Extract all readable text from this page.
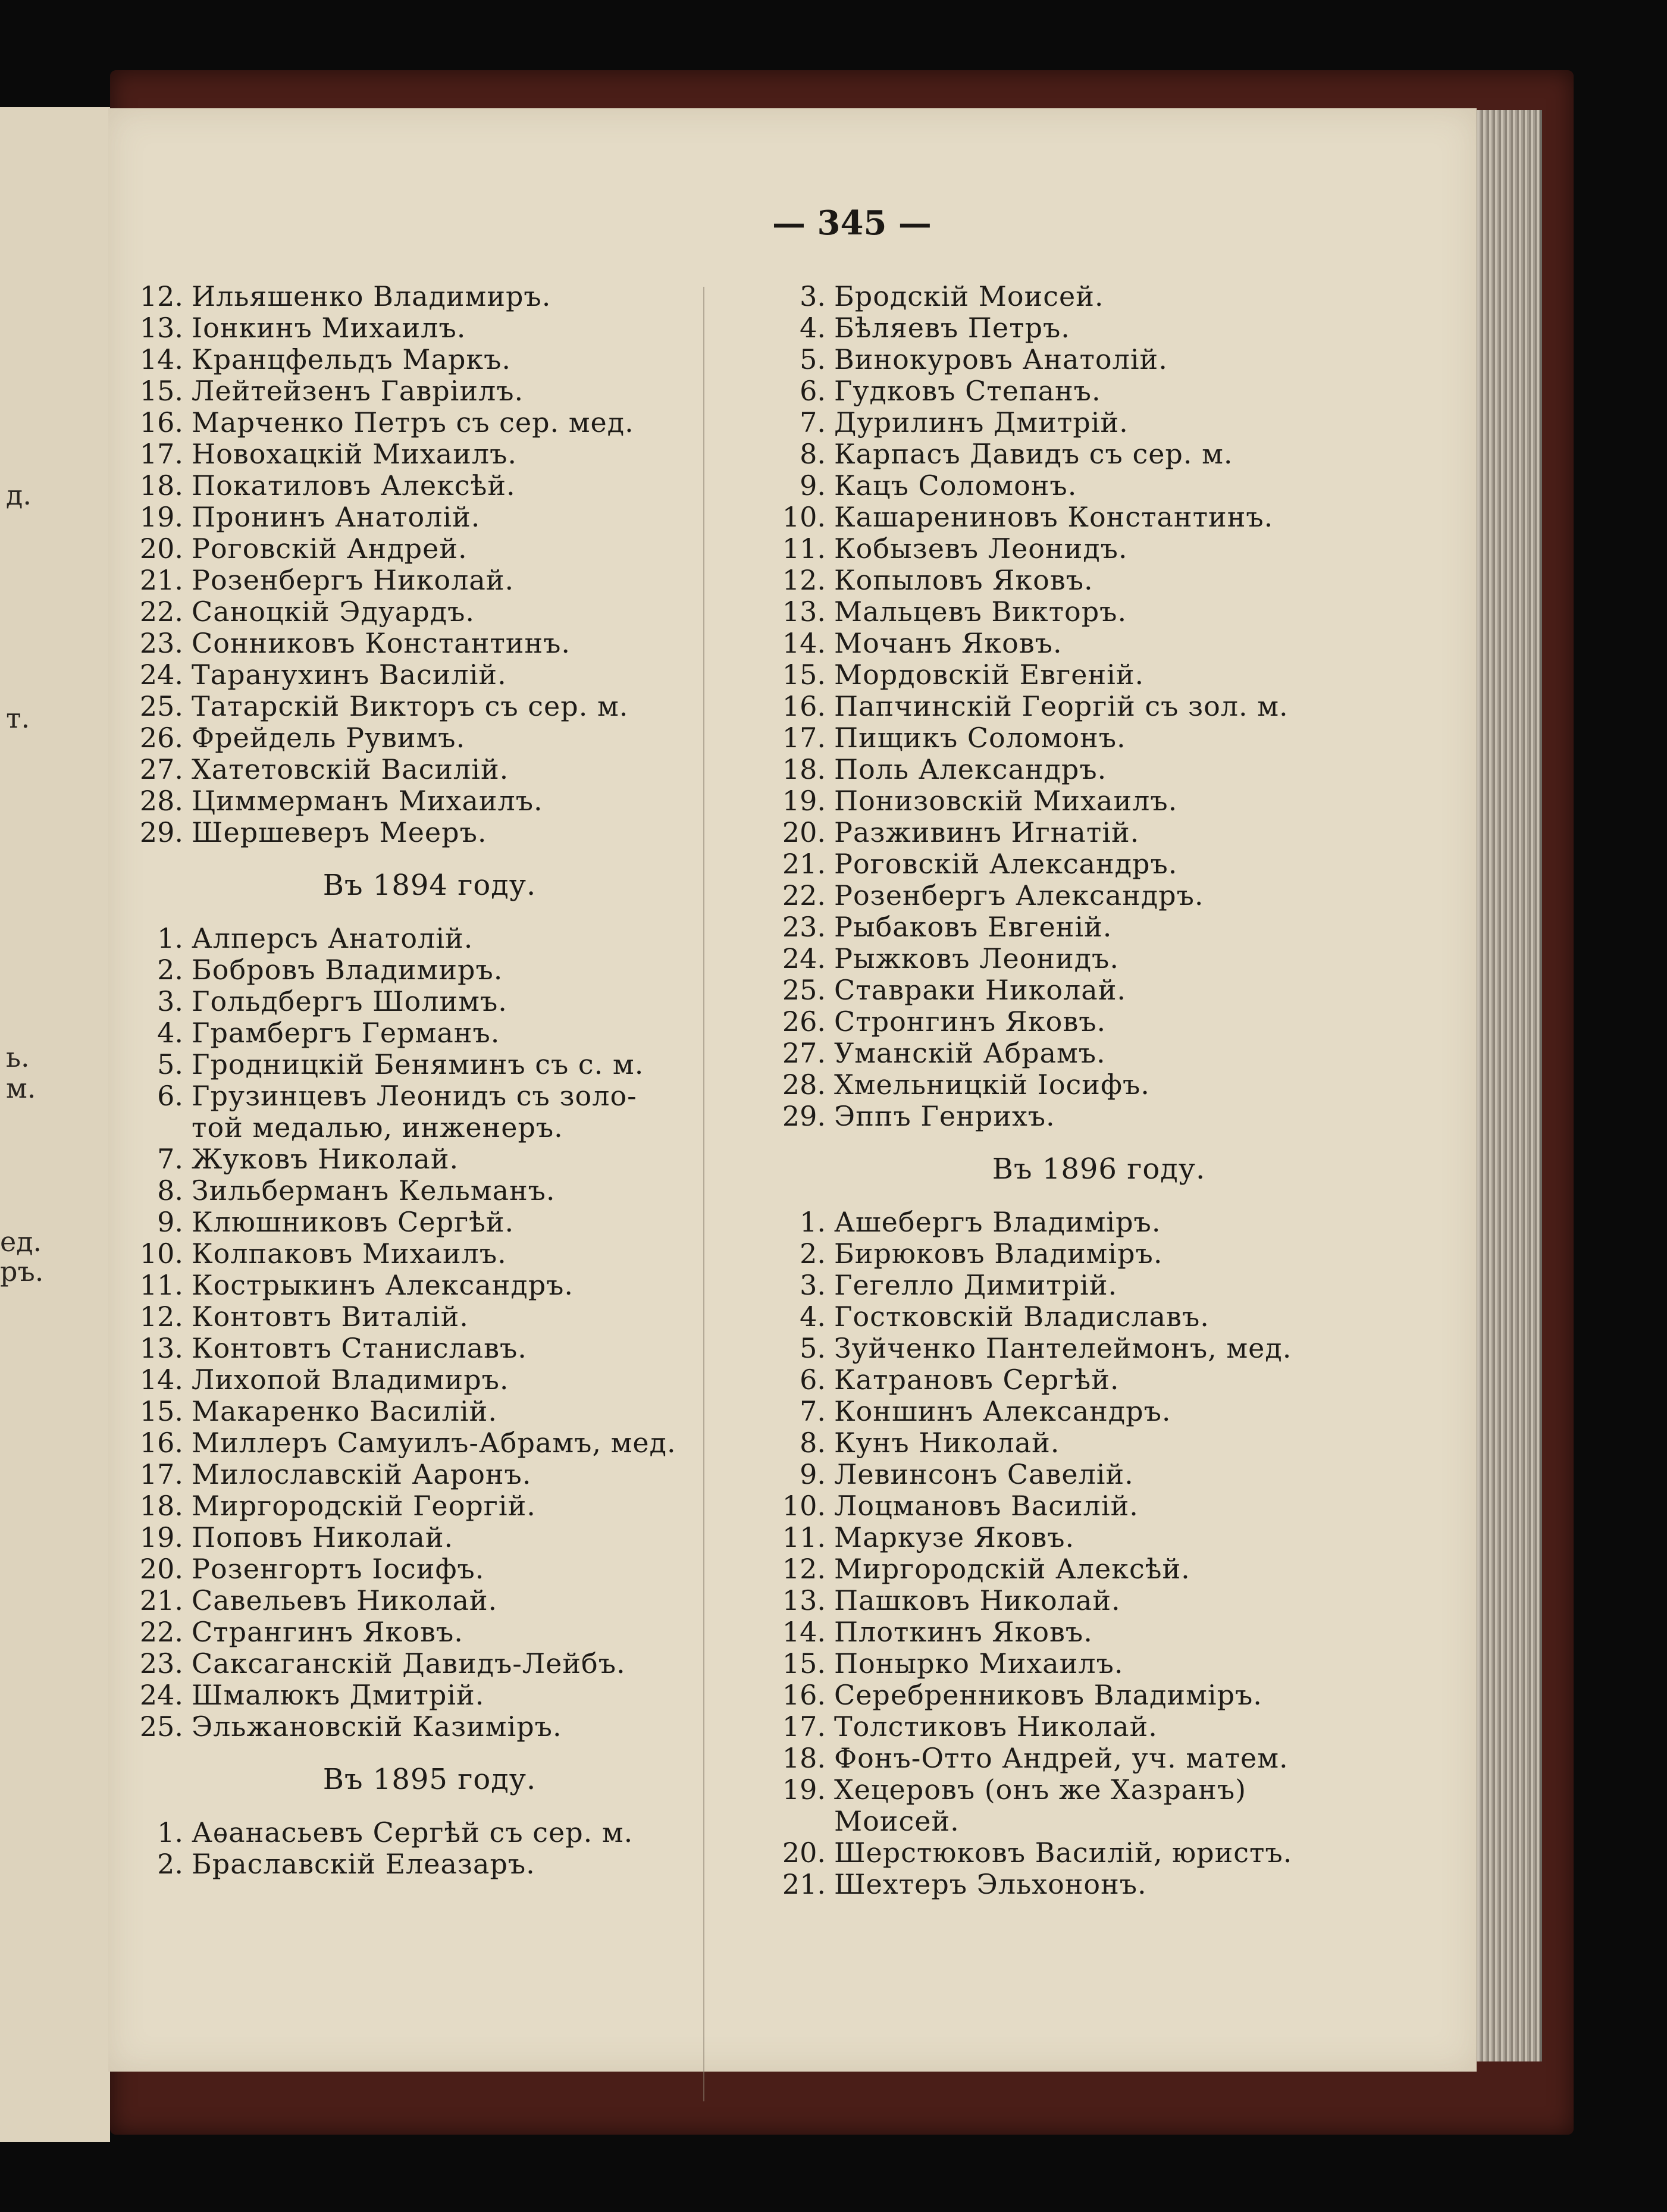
д.
т.
ь.
м.
ед.
ръ.
— 345 —
12. Ильяшенко Владимиръ.
13. Іонкинъ Михаилъ.
14. Кранцфельдъ Маркъ.
15. Лейтейзенъ Гавріилъ.
16. Марченко Петръ съ сер. мед.
17. Новохацкій Михаилъ.
18. Покатиловъ Алексѣй.
19. Пронинъ Анатолій.
20. Роговскій Андрей.
21. Розенбергъ Николай.
22. Саноцкій Эдуардъ.
23. Сонниковъ Константинъ.
24. Таранухинъ Василій.
25. Татарскій Викторъ съ сер. м.
26. Фрейдель Рувимъ.
27. Хатетовскій Василій.
28. Циммерманъ Михаилъ.
29. Шершеверъ Мееръ.
Въ 1894 году.
1. Алперсъ Анатолій.
2. Бобровъ Владимиръ.
3. Гольдбергъ Шолимъ.
4. Грамбергъ Германъ.
5. Гродницкій Беняминъ съ с. м.
6. Грузинцевъ Леонидъ съ золо-
той медалью, инженеръ.
7. Жуковъ Николай.
8. Зильберманъ Кельманъ.
9. Клюшниковъ Сергѣй.
10. Колпаковъ Михаилъ.
11. Кострыкинъ Александръ.
12. Контовтъ Виталій.
13. Контовтъ Станиславъ.
14. Лихопой Владимиръ.
15. Макаренко Василій.
16. Миллеръ Самуилъ-Абрамъ, мед.
17. Милославскій Ааронъ.
18. Миргородскій Георгій.
19. Поповъ Николай.
20. Розенгортъ Іосифъ.
21. Савельевъ Николай.
22. Странгинъ Яковъ.
23. Саксаганскій Давидъ-Лейбъ.
24. Шмалюкъ Дмитрій.
25. Эльжановскій Казиміръ.
Въ 1895 году.
1. Аѳанасьевъ Сергѣй съ сер. м.
2. Браславскій Елеазаръ.
3. Бродскій Моисей.
4. Бѣляевъ Петръ.
5. Винокуровъ Анатолій.
6. Гудковъ Степанъ.
7. Дурилинъ Дмитрій.
8. Карпасъ Давидъ съ сер. м.
9. Кацъ Соломонъ.
10. Кашарениновъ Константинъ.
11. Кобызевъ Леонидъ.
12. Копыловъ Яковъ.
13. Мальцевъ Викторъ.
14. Мочанъ Яковъ.
15. Мордовскій Евгеній.
16. Папчинскій Георгій съ зол. м.
17. Пищикъ Соломонъ.
18. Поль Александръ.
19. Понизовскій Михаилъ.
20. Разживинъ Игнатій.
21. Роговскій Александръ.
22. Розенбергъ Александръ.
23. Рыбаковъ Евгеній.
24. Рыжковъ Леонидъ.
25. Ставраки Николай.
26. Стронгинъ Яковъ.
27. Уманскій Абрамъ.
28. Хмельницкій Іосифъ.
29. Эппъ Генрихъ.
Въ 1896 году.
1. Ашебергъ Владиміръ.
2. Бирюковъ Владиміръ.
3. Гегелло Димитрій.
4. Гостковскій Владиславъ.
5. Зуйченко Пантелеймонъ, мед.
6. Катрановъ Сергѣй.
7. Коншинъ Александръ.
8. Кунъ Николай.
9. Левинсонъ Савелій.
10. Лоцмановъ Василій.
11. Маркузе Яковъ.
12. Миргородскій Алексѣй.
13. Пашковъ Николай.
14. Плоткинъ Яковъ.
15. Понырко Михаилъ.
16. Серебренниковъ Владиміръ.
17. Толстиковъ Николай.
18. Фонъ-Отто Андрей, уч. матем.
19. Хецеровъ (онъ же Хазранъ)
Моисей.
20. Шерстюковъ Василій, юристъ.
21. Шехтеръ Эльхононъ.
